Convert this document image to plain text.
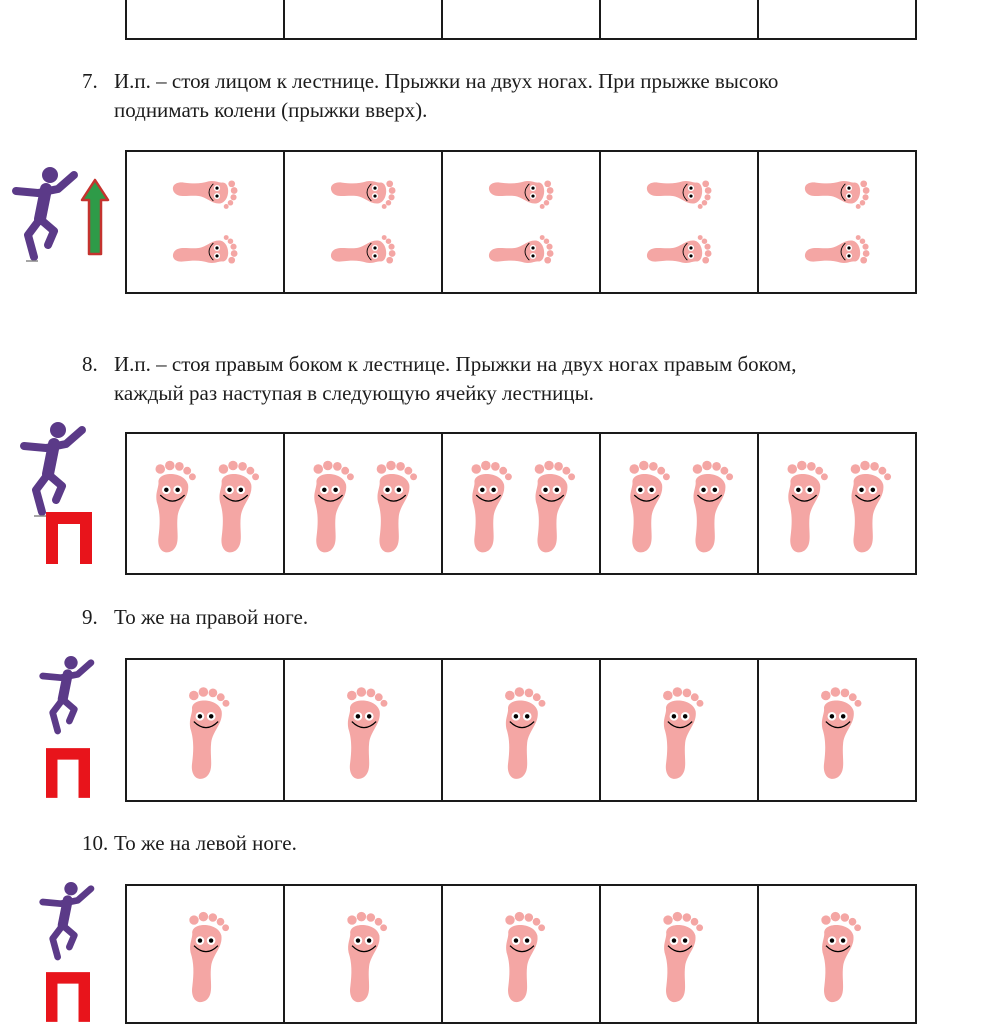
7. И.п. – стоя лицом к лестнице. Прыжки на двух ногах. При прыжке высоко

поднимать колени (прыжки вверх).

8. И.п. – стоя правым боком к лестнице. Прыжки на двух ногах правым боком,

каждый раз наступая в следующую ячейку лестницы.

9. То же на правой ноге.

10. То же на левой ноге.
